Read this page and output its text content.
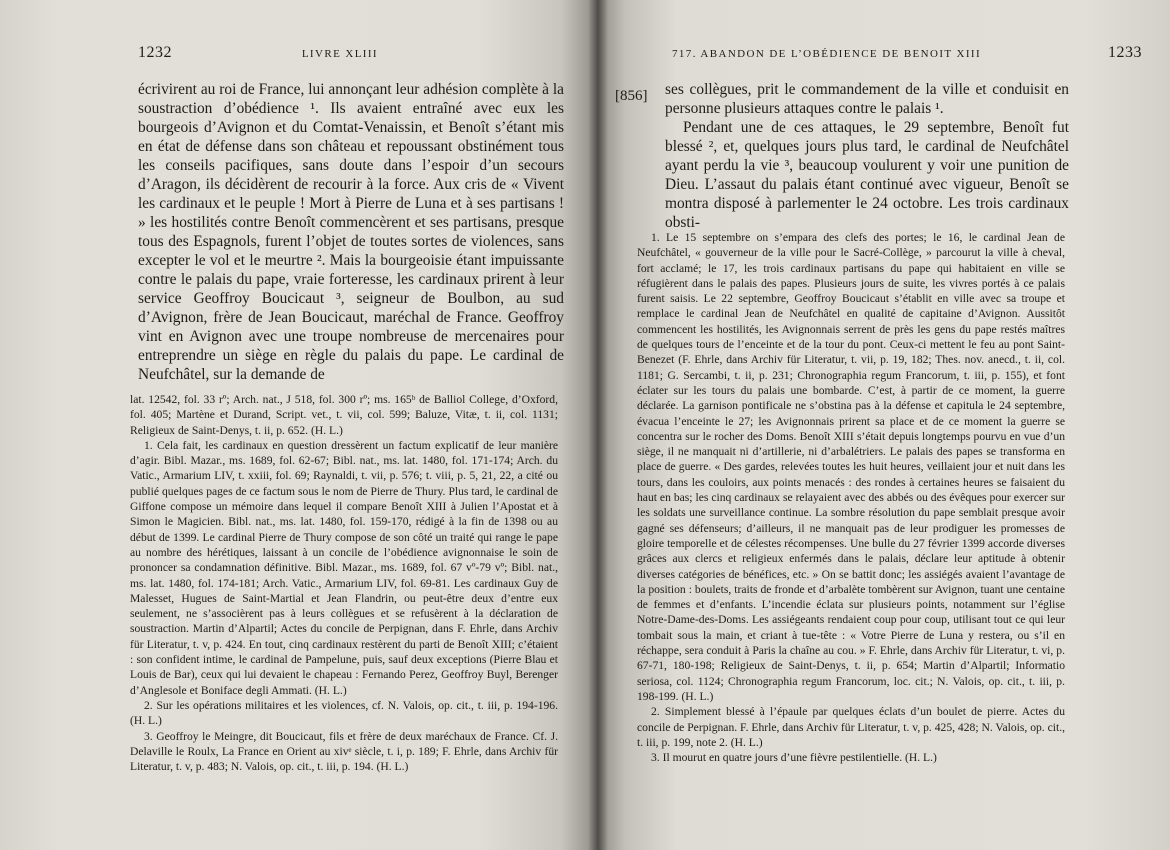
1232	LIVRE XLIII

écrivirent au roi de France, lui annonçant leur adhésion complète à la soustraction d’obédience ¹. Ils avaient entraîné avec eux les bourgeois d’Avignon et du Comtat-Venaissin, et Benoît s’étant mis en état de défense dans son château et repoussant obstinément tous les conseils pacifiques, sans doute dans l’espoir d’un secours d’Aragon, ils décidèrent de recourir à la force. Aux cris de « Vivent les cardinaux et le peuple ! Mort à Pierre de Luna et à ses partisans ! » les hostilités contre Benoît commencèrent et ses partisans, presque tous des Espagnols, furent l’objet de toutes sortes de violences, sans excepter le vol et le meurtre ². Mais la bourgeoisie étant impuissante contre le palais du pape, vraie forteresse, les cardinaux prirent à leur service Geoffroy Boucicaut ³, seigneur de Boulbon, au sud d’Avignon, frère de Jean Boucicaut, maréchal de France. Geoffroy vint en Avignon avec une troupe nombreuse de mercenaires pour entreprendre un siège en règle du palais du pape. Le cardinal de Neufchâtel, sur la demande de

lat. 12542, fol. 33 rº; Arch. nat., J 518, fol. 300 rº; ms. 165ᵇ de Balliol College, d’Oxford, fol. 405; Martène et Durand, Script. vet., t. vii, col. 599; Baluze, Vitæ, t. ii, col. 1131; Religieux de Saint-Denys, t. ii, p. 652. (H. L.)

1. Cela fait, les cardinaux en question dressèrent un factum explicatif de leur manière d’agir. Bibl. Mazar., ms. 1689, fol. 62-67; Bibl. nat., ms. lat. 1480, fol. 171-174; Arch. du Vatic., Armarium LIV, t. xxiii, fol. 69; Raynaldi, t. vii, p. 576; t. viii, p. 5, 21, 22, a cité ou publié quelques pages de ce factum sous le nom de Pierre de Thury. Plus tard, le cardinal de Giffone compose un mémoire dans lequel il compare Benoît XIII à Julien l’Apostat et à Simon le Magicien. Bibl. nat., ms. lat. 1480, fol. 159-170, rédigé à la fin de 1398 ou au début de 1399. Le cardinal Pierre de Thury compose de son côté un traité qui range le pape au nombre des hérétiques, laissant à un concile de l’obédience avignonnaise le soin de prononcer sa condamnation définitive. Bibl. Mazar., ms. 1689, fol. 67 vº-79 vº; Bibl. nat., ms. lat. 1480, fol. 174-181; Arch. Vatic., Armarium LIV, fol. 69-81. Les cardinaux Guy de Malesset, Hugues de Saint-Martial et Jean Flandrin, ou peut-être deux d’entre eux seulement, ne s’associèrent pas à leurs collègues et se refusèrent à la déclaration de soustraction. Martin d’Alpartil; Actes du concile de Perpignan, dans F. Ehrle, dans Archiv für Literatur, t. v, p. 424. En tout, cinq cardinaux restèrent du parti de Benoît XIII; c’étaient : son confident intime, le cardinal de Pampelune, puis, sauf deux exceptions (Pierre Blau et Louis de Bar), ceux qui lui devaient le chapeau : Fernando Perez, Geoffroy Buyl, Berenger d’Anglesole et Boniface degli Ammati. (H. L.)

2. Sur les opérations militaires et les violences, cf. N. Valois, op. cit., t. iii, p. 194-196. (H. L.)

3. Geoffroy le Meingre, dit Boucicaut, fils et frère de deux maréchaux de France. Cf. J. Delaville le Roulx, La France en Orient au xivᵉ siècle, t. i, p. 189; F. Ehrle, dans Archiv für Literatur, t. v, p. 483; N. Valois, op. cit., t. iii, p. 194. (H. L.)

717. ABANDON DE L’OBÉDIENCE DE BENOIT XIII	1233
[856] ses collègues, prit le commandement de la ville et conduisit en personne plusieurs attaques contre le palais ¹.

Pendant une de ces attaques, le 29 septembre, Benoît fut blessé ², et, quelques jours plus tard, le cardinal de Neufchâtel ayant perdu la vie ³, beaucoup voulurent y voir une punition de Dieu. L’assaut du palais étant continué avec vigueur, Benoît se montra disposé à parlementer le 24 octobre. Les trois cardinaux obsti-

1. Le 15 septembre on s’empara des clefs des portes; le 16, le cardinal Jean de Neufchâtel, « gouverneur de la ville pour le Sacré-Collège, » parcourut la ville à cheval, fort acclamé; le 17, les trois cardinaux partisans du pape qui habitaient en ville se réfugièrent dans le palais des papes. Plusieurs jours de suite, les vivres portés à ce palais furent saisis. Le 22 septembre, Geoffroy Boucicaut s’établit en ville avec sa troupe et remplace le cardinal Jean de Neufchâtel en qualité de capitaine d’Avignon. Aussitôt commencent les hostilités, les Avignonnais serrent de près les gens du pape restés maîtres de quelques tours de l’enceinte et de la tour du pont. Ceux-ci mettent le feu au pont Saint-Benezet (F. Ehrle, dans Archiv für Literatur, t. vii, p. 19, 182; Thes. nov. anecd., t. ii, col. 1181; G. Sercambi, t. ii, p. 231; Chronographia regum Francorum, t. iii, p. 155), et font éclater sur les tours du palais une bombarde. C’est, à partir de ce moment, la guerre déclarée. La garnison pontificale ne s’obstina pas à la défense et capitula le 24 septembre, évacua l’enceinte le 27; les Avignonnais prirent sa place et de ce moment la guerre se concentra sur le rocher des Doms. Benoît XIII s’était depuis longtemps pourvu en vue d’un siège, il ne manquait ni d’artillerie, ni d’arbalétriers. Le palais des papes se transforma en place de guerre. « Des gardes, relevées toutes les huit heures, veillaient jour et nuit dans les tours, dans les couloirs, aux points menacés : des rondes à certaines heures se faisaient du haut en bas; les cinq cardinaux se relayaient avec des abbés ou des évêques pour exercer sur les soldats une surveillance continue. La sombre résolution du pape semblait presque avoir gagné ses défenseurs; d’ailleurs, il ne manquait pas de leur prodiguer les promesses de gloire temporelle et de célestes récompenses. Une bulle du 27 février 1399 accorde diverses grâces aux clercs et religieux enfermés dans le palais, déclare leur aptitude à obtenir diverses catégories de bénéfices, etc. » On se battit donc; les assiégés avaient l’avantage de la position : boulets, traits de fronde et d’arbalète tombèrent sur Avignon, tuant une centaine de femmes et d’enfants. L’incendie éclata sur plusieurs points, notamment sur l’église Notre-Dame-des-Doms. Les assiégeants rendaient coup pour coup, utilisant tout ce qui leur tombait sous la main, et criant à tue-tête : « Votre Pierre de Luna y restera, ou s’il en réchappe, sera conduit à Paris la chaîne au cou. » F. Ehrle, dans Archiv für Literatur, t. vi, p. 67-71, 180-198; Religieux de Saint-Denys, t. ii, p. 654; Martin d’Alpartil; Informatio seriosa, col. 1124; Chronographia regum Francorum, loc. cit.; N. Valois, op. cit., t. iii, p. 198-199. (H. L.)

2. Simplement blessé à l’épaule par quelques éclats d’un boulet de pierre. Actes du concile de Perpignan. F. Ehrle, dans Archiv für Literatur, t. v, p. 425, 428; N. Valois, op. cit., t. iii, p. 199, note 2. (H. L.)

3. Il mourut en quatre jours d’une fièvre pestilentielle. (H. L.)
